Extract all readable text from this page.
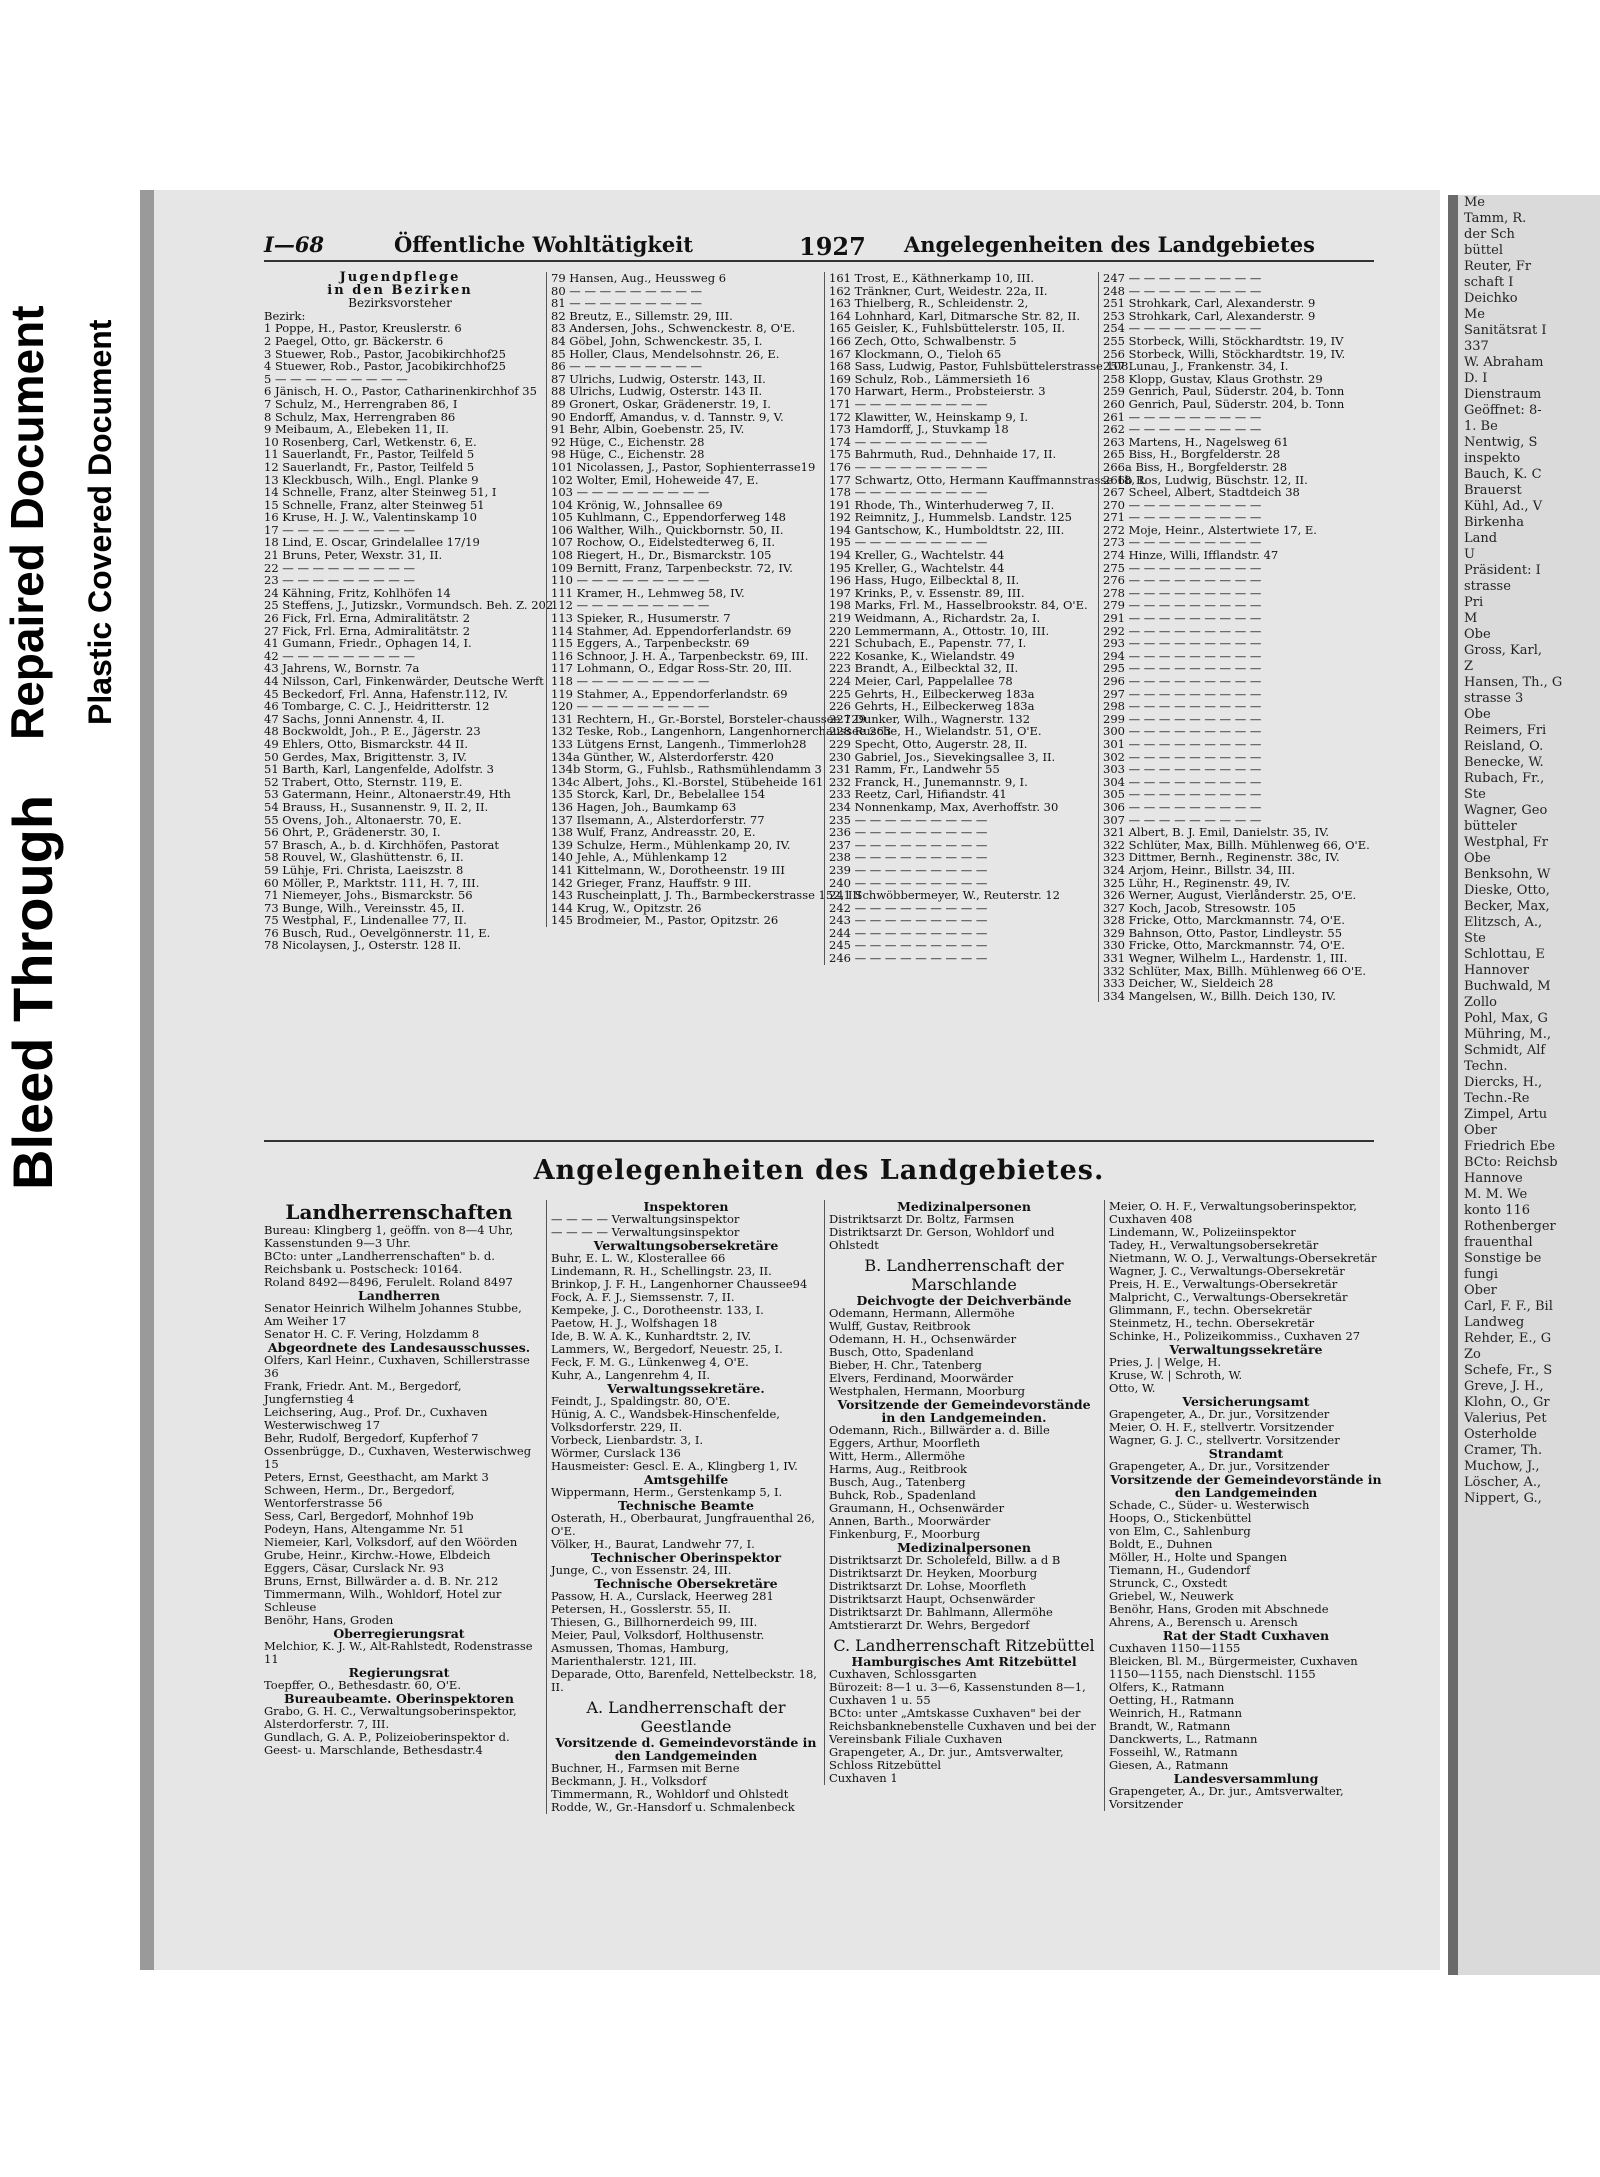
Bleed Through
Repaired Document Plastic Covered Document
I—68	Öffentliche Wohltätigkeit	1927 Angelegenheiten des Landgebietes
Jugendpflege
in den Bezirken
Bezirksvorsteher
Bezirk:
1 Poppe, H., Pastor, Kreuslerstr. 6
2 Paegel, Otto, gr. Bäckerstr. 6
3 Stuewer, Rob., Pastor, Jacobikirchhof25
4 Stuewer, Rob., Pastor, Jacobikirchhof25
5 — — — — — — — — —
6 Jänisch, H. O., Pastor, Catharinenkirchhof 35
7 Schulz, M., Herrengraben 86, I
8 Schulz, Max, Herrengraben 86
9 Meibaum, A., Elebeken 11, II.
10 Rosenberg, Carl, Wetkenstr. 6, E.
11 Sauerlandt, Fr., Pastor, Teilfeld 5
12 Sauerlandt, Fr., Pastor, Teilfeld 5
13 Kleckbusch, Wilh., Engl. Planke 9
14 Schnelle, Franz, alter Steinweg 51, I
15 Schnelle, Franz, alter Steinweg 51
16 Kruse, H. J. W., Valentinskamp 10
17 — — — — — — — — —
18 Lind, E. Oscar, Grindelallee 17/19
21 Bruns, Peter, Wexstr. 31, II.
22 — — — — — — — — —
23 — — — — — — — — —
24 Kähning, Fritz, Kohlhöfen 14
25 Steffens, J., Jutizskr., Vormundsch. Beh. Z. 202
26 Fick, Frl. Erna, Admiralitätstr. 2
27 Fick, Frl. Erna, Admiralitätstr. 2
41 Gumann, Friedr., Ophagen 14, I.
42 — — — — — — — — —
43 Jahrens, W., Bornstr. 7a
44 Nilsson, Carl, Finkenwärder, Deutsche Werft
45 Beckedorf, Frl. Anna, Hafenstr.112, IV.
46 Tombarge, C. C. J., Heidritterstr. 12
47 Sachs, Jonni Annenstr. 4, II.
48 Bockwoldt, Joh., P. E., Jägerstr. 23
49 Ehlers, Otto, Bismarckstr. 44 II.
50 Gerdes, Max, Brigittenstr. 3, IV.
51 Barth, Karl, Langenfelde, Adolfstr. 3
52 Trabert, Otto, Sternstr. 119, E.
53 Gatermann, Heinr., Altonaerstr.49, Hth
54 Brauss, H., Susannenstr. 9, II. 2, II.
55 Ovens, Joh., Altonaerstr. 70, E.
56 Ohrt, P., Grädenerstr. 30, I.
57 Brasch, A., b. d. Kirchhöfen, Pastorat
58 Rouvel, W., Glashüttenstr. 6, II.
59 Lühje, Fri. Christa, Laeiszstr. 8
60 Möller, P., Marktstr. 111, H. 7, III.
71 Niemeyer, Johs., Bismarckstr. 56
73 Bunge, Wilh., Vereinsstr. 45, II.
75 Westphal, F., Lindenallee 77, II.
76 Busch, Rud., Oevelgönnerstr. 11, E.
78 Nicolaysen, J., Osterstr. 128 II.
79 Hansen, Aug., Heussweg 6
80 — — — — — — — — —
81 — — — — — — — — —
82 Breutz, E., Sillemstr. 29, III.
83 Andersen, Johs., Schwenckestr. 8, O'E.
84 Göbel, John, Schwenckestr. 35, I.
85 Holler, Claus, Mendelsohnstr. 26, E.
86 — — — — — — — — —
87 Ulrichs, Ludwig, Osterstr. 143, II.
88 Ulrichs, Ludwig, Osterstr. 143 II.
89 Gronert, Oskar, Grädenerstr. 19, I.
90 Endorff, Amandus, v. d. Tannstr. 9, V.
91 Behr, Albin, Goebenstr. 25, IV.
92 Hüge, C., Eichenstr. 28
98 Hüge, C., Eichenstr. 28
101 Nicolassen, J., Pastor, Sophienterrasse19
102 Wolter, Emil, Hoheweide 47, E.
103 — — — — — — — — —
104 Krönig, W., Johnsallee 69
105 Kuhlmann, C., Eppendorferweg 148
106 Walther, Wilh., Quickbornstr. 50, II.
107 Rochow, O., Eidelstedterweg 6, II.
108 Riegert, H., Dr., Bismarckstr. 105
109 Bernitt, Franz, Tarpenbeckstr. 72, IV.
110 — — — — — — — — —
111 Kramer, H., Lehmweg 58, IV.
112 — — — — — — — — —
113 Spieker, R., Husumerstr. 7
114 Stahmer, Ad. Eppendorferlandstr. 69
115 Eggers, A., Tarpenbeckstr. 69
116 Schnoor, J. H. A., Tarpenbeckstr. 69, III.
117 Lohmann, O., Edgar Ross-Str. 20, III.
118 — — — — — — — — —
119 Stahmer, A., Eppendorferlandstr. 69
120 — — — — — — — — —
131 Rechtern, H., Gr.-Borstel, Borsteler-chaussee 129
132 Teske, Rob., Langenhorn, Langenhornerchaussee 263
133 Lütgens Ernst, Langenh., Timmerloh28
134a Günther, W., Alsterdorferstr. 420
134b Storm, G., Fuhlsb., Rathsmühlendamm 3
134c Albert, Johs., Kl.-Borstel, Stübeheide 161
135 Storck, Karl, Dr., Bebelallee 154
136 Hagen, Joh., Baumkamp 63
137 Ilsemann, A., Alsterdorferstr. 77
138 Wulf, Franz, Andreasstr. 20, E.
139 Schulze, Herm., Mühlenkamp 20, IV.
140 Jehle, A., Mühlenkamp 12
141 Kittelmann, W., Dorotheenstr. 19 III
142 Grieger, Franz, Hauffstr. 9 III.
143 Ruscheinplatt, J. Th., Barmbeckerstrasse 152, III
144 Krug, W., Opitzstr. 26
145 Brodmeier, M., Pastor, Opitzstr. 26
161 Trost, E., Käthnerkamp 10, III.
162 Tränkner, Curt, Weidestr. 22a, II.
163 Thielberg, R., Schleidenstr. 2,
164 Lohnhard, Karl, Ditmarsche Str. 82, II.
165 Geisler, K., Fuhlsbüttelerstr. 105, II.
166 Zech, Otto, Schwalbenstr. 5
167 Klockmann, O., Tieloh 65
168 Sass, Ludwig, Pastor, Fuhlsbüttelerstrasse 108
169 Schulz, Rob., Lämmersieth 16
170 Harwart, Herm., Probsteierstr. 3
171 — — — — — — — — —
172 Klawitter, W., Heinskamp 9, I.
173 Hamdorff, J., Stuvkamp 18
174 — — — — — — — — —
175 Bahrmuth, Rud., Dehnhaide 17, II.
176 — — — — — — — — —
177 Schwartz, Otto, Hermann Kauffmannstrasse 18, I.
178 — — — — — — — — —
191 Rhode, Th., Winterhuderweg 7, II.
192 Reimnitz, J., Hummelsb. Landstr. 125
194 Gantschow, K., Humboldtstr. 22, III.
195 — — — — — — — — —
194 Kreller, G., Wachtelstr. 44
195 Kreller, G., Wachtelstr. 44
196 Hass, Hugo, Eilbecktal 8, II.
197 Krinks, P., v. Essenstr. 89, III.
198 Marks, Frl. M., Hasselbrookstr. 84, O'E.
219 Weidmann, A., Richardstr. 2a, I.
220 Lemmermann, A., Ottostr. 10, III.
221 Schubach, E., Papenstr. 77, I.
222 Kosanke, K., Wielandstr. 49
223 Brandt, A., Eilbecktal 32, II.
224 Meier, Carl, Pappelallee 78
225 Gehrts, H., Eilbeckerweg 183a
226 Gehrts, H., Eilbeckerweg 183a
227 Dunker, Wilh., Wagnerstr. 132
228 Rusche, H., Wielandstr. 51, O'E.
229 Specht, Otto, Augerstr. 28, II.
230 Gabriel, Jos., Sievekingsallee 3, II.
231 Ramm, Fr., Landwehr 55
232 Franck, H., Junemannstr. 9, I.
233 Reetz, Carl, Hifiandstr. 41
234 Nonnenkamp, Max, Averhoffstr. 30
235 — — — — — — — — —
236 — — — — — — — — —
237 — — — — — — — — —
238 — — — — — — — — —
239 — — — — — — — — —
240 — — — — — — — — —
241 Schwöbbermeyer, W., Reuterstr. 12
242 — — — — — — — — —
243 — — — — — — — — —
244 — — — — — — — — —
245 — — — — — — — — —
246 — — — — — — — — —
247 — — — — — — — — —
248 — — — — — — — — —
251 Strohkark, Carl, Alexanderstr. 9
253 Strohkark, Carl, Alexanderstr. 9
254 — — — — — — — — —
255 Storbeck, Willi, Stöckhardtstr. 19, IV
256 Storbeck, Willi, Stöckhardtstr. 19, IV.
257 Lunau, J., Frankenstr. 34, I.
258 Klopp, Gustav, Klaus Grothstr. 29
259 Genrich, Paul, Süderstr. 204, b. Tonn
260 Genrich, Paul, Süderstr. 204, b. Tonn
261 — — — — — — — — —
262 — — — — — — — — —
263 Martens, H., Nagelsweg 61
265 Biss, H., Borgfelderstr. 28
266a Biss, H., Borgfelderstr. 28
266b Ros, Ludwig, Büschstr. 12, II.
267 Scheel, Albert, Stadtdeich 38
270 — — — — — — — — —
271 — — — — — — — — —
272 Moje, Heinr., Alstertwiete 17, E.
273 — — — — — — — — —
274 Hinze, Willi, Ifflandstr. 47
275 — — — — — — — — —
276 — — — — — — — — —
278 — — — — — — — — —
279 — — — — — — — — —
291 — — — — — — — — —
292 — — — — — — — — —
293 — — — — — — — — —
294 — — — — — — — — —
295 — — — — — — — — —
296 — — — — — — — — —
297 — — — — — — — — —
298 — — — — — — — — —
299 — — — — — — — — —
300 — — — — — — — — —
301 — — — — — — — — —
302 — — — — — — — — —
303 — — — — — — — — —
304 — — — — — — — — —
305 — — — — — — — — —
306 — — — — — — — — —
307 — — — — — — — — —
321 Albert, B. J. Emil, Danielstr. 35, IV.
322 Schlüter, Max, Billh. Mühlenweg 66, O'E.
323 Dittmer, Bernh., Reginenstr. 38c, IV.
324 Arjom, Heinr., Billstr. 34, III.
325 Lühr, H., Reginenstr. 49, IV.
326 Werner, August, Vierlånderstr. 25, O'E.
327 Koch, Jacob, Stresowstr. 105
328 Fricke, Otto, Marckmannstr. 74, O'E.
329 Bahnson, Otto, Pastor, Lindleystr. 55
330 Fricke, Otto, Marckmannstr. 74, O'E.
331 Wegner, Wilhelm L., Hardenstr. 1, III.
332 Schlüter, Max, Billh. Mühlenweg 66 O'E.
333 Deicher, W., Sieldeich 28
334 Mangelsen, W., Billh. Deich 130, IV.
Angelegenheiten des Landgebietes.
Landherrenschaften
Bureau: Klingberg 1, geöffn. von 8—4 Uhr, Kassenstunden 9—3 Uhr.
BCto: unter „Landherrenschaften" b. d. Reichsbank u. Postscheck: 10164.
Roland 8492—8496, Ferulelt. Roland 8497
Landherren
Senator Heinrich Wilhelm Johannes Stubbe, Am Weiher 17
Senator H. C. F. Vering, Holzdamm 8
Abgeordnete des Landesausschusses.
Olfers, Karl Heinr., Cuxhaven, Schillerstrasse 36
Frank, Friedr. Ant. M., Bergedorf, Jungfernstieg 4
Leichsering, Aug., Prof. Dr., Cuxhaven Westerwischweg 17
Behr, Rudolf, Bergedorf, Kupferhof 7
Ossenbrügge, D., Cuxhaven, Westerwischweg 15
Peters, Ernst, Geesthacht, am Markt 3
Schween, Herm., Dr., Bergedorf, Wentorferstrasse 56
Sess, Carl, Bergedorf, Mohnhof 19b
Podeyn, Hans, Altengamme Nr. 51
Niemeier, Karl, Volksdorf, auf den Wöörden
Grube, Heinr., Kirchw.-Howe, Elbdeich
Eggers, Cäsar, Curslack Nr. 93
Bruns, Ernst, Billwärder a. d. B. Nr. 212
Timmermann, Wilh., Wohldorf, Hotel zur Schleuse
Benöhr, Hans, Groden
Oberregierungsrat
Melchior, K. J. W., Alt-Rahlstedt, Rodenstrasse 11
Regierungsrat
Toepffer, O., Bethesdastr. 60, O'E.
Bureaubeamte. Oberinspektoren
Grabo, G. H. C., Verwaltungsoberinspektor, Alsterdorferstr. 7, III.
Gundlach, G. A. P., Polizeioberinspektor d. Geest- u. Marschlande, Bethesdastr.4
Inspektoren
— — — — Verwaltungsinspektor
— — — — Verwaltungsinspektor
Verwaltungsobersekretäre
Buhr, E. L. W., Klosterallee 66
Lindemann, R. H., Schellingstr. 23, II.
Brinkop, J. F. H., Langenhorner Chaussee94
Fock, A. F. J., Siemssenstr. 7, II.
Kempeke, J. C., Dorotheenstr. 133, I.
Paetow, H. J., Wolfshagen 18
Ide, B. W. A. K., Kunhardtstr. 2, IV.
Lammers, W., Bergedorf, Neuestr. 25, I.
Feck, F. M. G., Lünkenweg 4, O'E.
Kuhr, A., Langenrehm 4, II.
Verwaltungssekretäre.
Feindt, J., Spaldingstr. 80, O'E.
Hünig, A. C., Wandsbek-Hinschenfelde, Volksdorferstr. 229, II.
Vorbeck, Lienbardstr. 3, I.
Wörmer, Curslack 136
Hausmeister: Gescl. E. A., Klingberg 1, IV.
Amtsgehilfe
Wippermann, Herm., Gerstenkamp 5, I.
Technische Beamte
Osterath, H., Oberbaurat, Jungfrauenthal 26, O'E.
Völker, H., Baurat, Landwehr 77, I.
Technischer Oberinspektor
Junge, C., von Essenstr. 24, III.
Technische Obersekretäre
Passow, H. A., Curslack, Heerweg 281
Petersen, H., Gosslerstr. 55, II.
Thiesen, G., Billhornerdeich 99, III.
Meier, Paul, Volksdorf, Holthusenstr.
Asmussen, Thomas, Hamburg, Marienthalerstr. 121, III.
Deparade, Otto, Barenfeld, Nettelbeckstr. 18, II.
A. Landherrenschaft der Geestlande
Vorsitzende d. Gemeindevorstände in den Landgemeinden
Buchner, H., Farmsen mit Berne
Beckmann, J. H., Volksdorf
Timmermann, R., Wohldorf und Ohlstedt
Rodde, W., Gr.-Hansdorf u. Schmalenbeck
Medizinalpersonen
Distriktsarzt Dr. Boltz, Farmsen
Distriktsarzt Dr. Gerson, Wohldorf und Ohlstedt
B. Landherrenschaft der Marschlande
Deichvogte der Deichverbände
Odemann, Hermann, Allermöhe
Wulff, Gustav, Reitbrook
Odemann, H. H., Ochsenwärder
Busch, Otto, Spadenland
Bieber, H. Chr., Tatenberg
Elvers, Ferdinand, Moorwärder
Westphalen, Hermann, Moorburg
Vorsitzende der Gemeindevorstände in den Landgemeinden.
Odemann, Rich., Billwärder a. d. Bille
Eggers, Arthur, Moorfleth
Witt, Herm., Allermöhe
Harms, Aug., Reitbrook
Busch, Aug., Tatenberg
Buhck, Rob., Spadenland
Graumann, H., Ochsenwärder
Annen, Barth., Moorwärder
Finkenburg, F., Moorburg
Medizinalpersonen
Distriktsarzt Dr. Scholefeld, Billw. a d B
Distriktsarzt Dr. Heyken, Moorburg
Distriktsarzt Dr. Lohse, Moorfleth
Distriktsarzt Haupt, Ochsenwärder
Distriktsarzt Dr. Bahlmann, Allermöhe
Amtstierarzt Dr. Wehrs, Bergedorf
C. Landherrenschaft Ritzebüttel
Hamburgisches Amt Ritzebüttel
Cuxhaven, Schlossgarten
Bürozeit: 8—1 u. 3—6, Kassenstunden 8—1, Cuxhaven 1 u. 55
BCto: unter „Amtskasse Cuxhaven" bei der Reichsbanknebenstelle Cuxhaven und bei der Vereinsbank Filiale Cuxhaven
Grapengeter, A., Dr. jur., Amtsverwalter, Schloss Ritzebüttel
Cuxhaven 1
Meier, O. H. F., Verwaltungsoberinspektor, Cuxhaven 408
Lindemann, W., Polizeiinspektor
Tadey, H., Verwaltungsobersekretär
Nietmann, W. O. J., Verwaltungs-Obersekretär
Wagner, J. C., Verwaltungs-Obersekretär
Preis, H. E., Verwaltungs-Obersekretär
Malpricht, C., Verwaltungs-Obersekretär
Glimmann, F., techn. Obersekretär
Steinmetz, H., techn. Obersekretär
Schinke, H., Polizeikommiss., Cuxhaven 27
Verwaltungssekretäre
Pries, J. | Welge, H.
Kruse, W. | Schroth, W.
Otto, W.
Versicherungsamt
Grapengeter, A., Dr. jur., Vorsitzender
Meier, O. H. F., stellvertr. Vorsitzender
Wagner, G. J. C., stellvertr. Vorsitzender
Strandamt
Grapengeter, A., Dr. jur., Vorsitzender
Vorsitzende der Gemeindevorstände in den Landgemeinden
Schade, C., Süder- u. Westerwisch
Hoops, O., Stickenbüttel
von Elm, C., Sahlenburg
Boldt, E., Duhnen
Möller, H., Holte und Spangen
Tiemann, H., Gudendorf
Strunck, C., Oxstedt
Griebel, W., Neuwerk
Benöhr, Hans, Groden mit Abschnede
Ahrens, A., Berensch u. Arensch
Rat der Stadt Cuxhaven
Cuxhaven 1150—1155
Bleicken, Bl. M., Bürgermeister, Cuxhaven 1150—1155, nach Dienstschl. 1155
Olfers, K., Ratmann
Oetting, H., Ratmann
Weinrich, H., Ratmann
Brandt, W., Ratmann
Danckwerts, L., Ratmann
Fosseihl, W., Ratmann
Giesen, A., Ratmann
Landesversammlung
Grapengeter, A., Dr. jur., Amtsverwalter, Vorsitzender
Me
Tamm, R.
der Sch
büttel
Reuter, Fr
schaft I
Deichko
Me
Sanitätsrat I
337
W. Abraham
D. I
Dienstraum
Geöffnet: 8-
1. Be
Nentwig, S
inspekto
Bauch, K. C
Brauerst
Kühl, Ad., V
Birkenha
Land
U
Präsident: I
strasse
Pri
M
Obe
Gross, Karl,
Z
Hansen, Th., G
strasse 3
Obe
Reimers, Fri
Reisland, O.
Benecke, W.
Rubach, Fr.,
Ste
Wagner, Geo
bütteler
Westphal, Fr
Obe
Benksohn, W
Dieske, Otto,
Becker, Max,
Elitzsch, A.,
Ste
Schlottau, E
Hannover
Buchwald, M
Zollo
Pohl, Max, G
Mühring, M.,
Schmidt, Alf
Techn.
Diercks, H.,
Techn.-Re
Zimpel, Artu
Ober
Friedrich Ebe
BCto: Reichsb
Hannove
M. M. We
konto 116
Rothenberger
frauenthal
Sonstige be
fungi
Ober
Carl, F. F., Bil
Landweg
Rehder, E., G
Zo
Schefe, Fr., S
Greve, J. H.,
Klohn, O., Gr
Valerius, Pet
Osterholde
Cramer, Th.
Muchow, J.,
Löscher, A.,
Nippert, G.,
